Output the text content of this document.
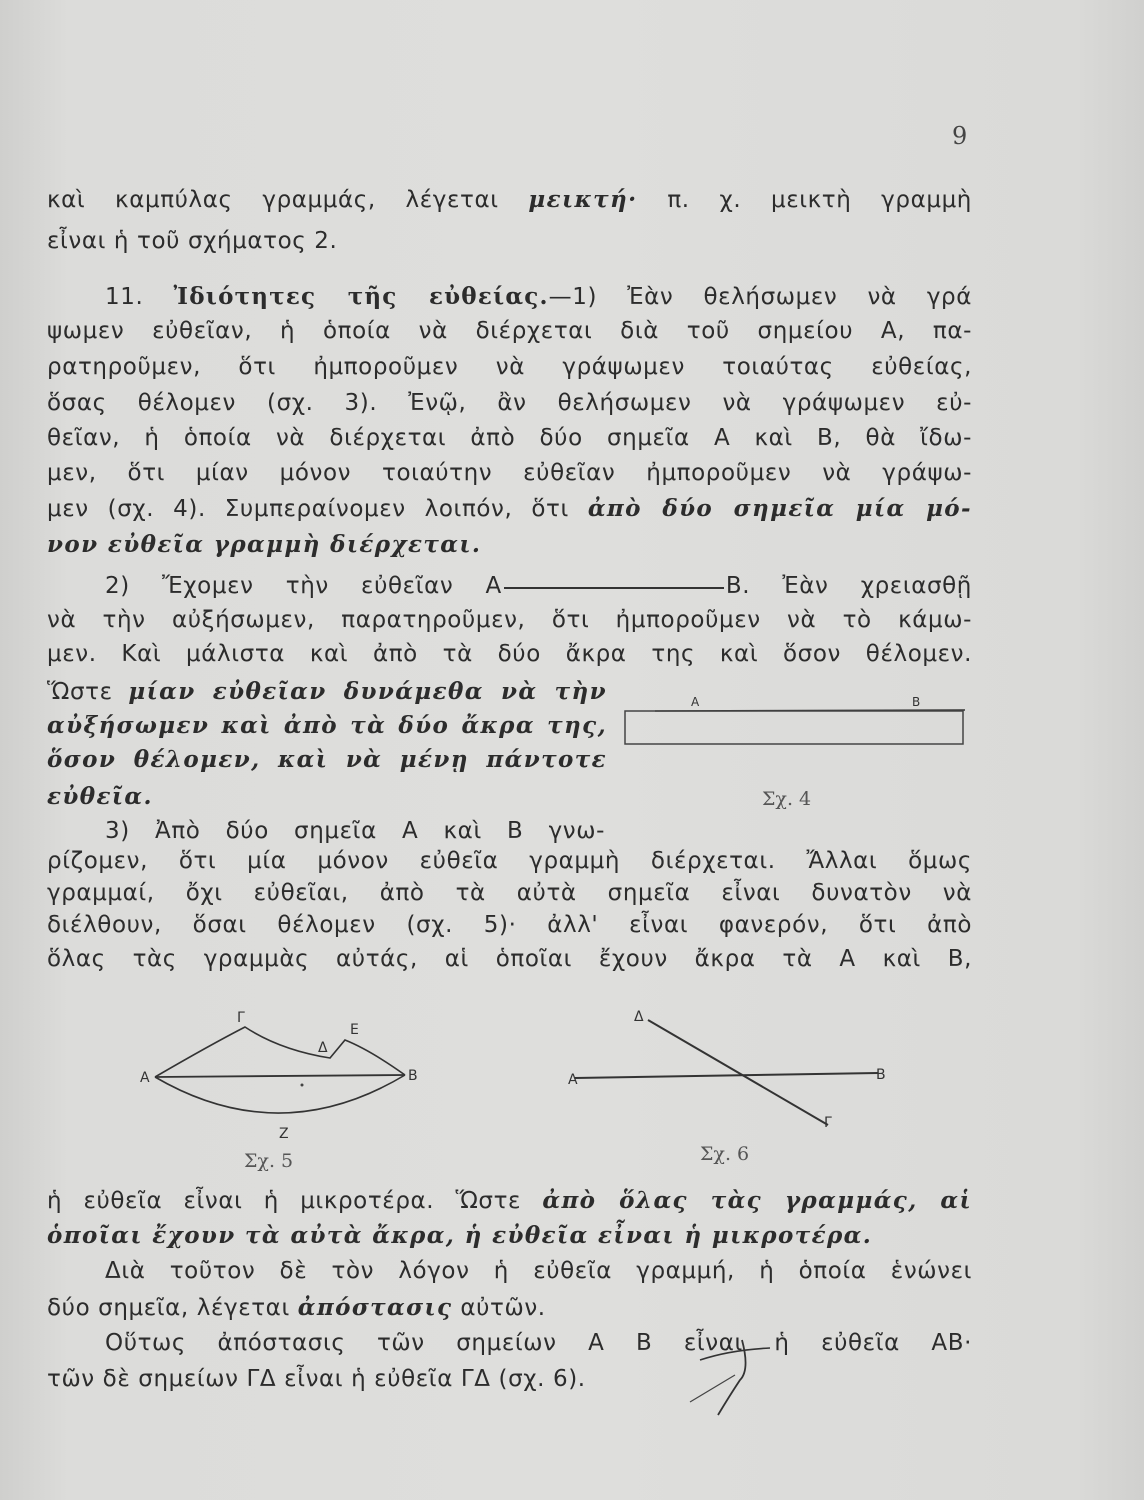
9
καὶ καμπύλας γραμμάς, λέγεται μεικτή· π. χ. μεικτὴ γραμμὴ
εἶναι ἡ τοῦ σχήματος 2.
11. Ἰδιότητες τῆς εὐθείας.—1) Ἐὰν θελήσωμεν νὰ γρά
ψωμεν εὐθεῖαν, ἡ ὁποία νὰ διέρχεται διὰ τοῦ σημείου Α, πα-
ρατηροῦμεν, ὅτι ἠμποροῦμεν νὰ γράψωμεν τοιαύτας εὐθείας,
ὅσας θέλομεν (σχ. 3). Ἐνῷ, ἂν θελήσωμεν νὰ γράψωμεν εὐ-
θεῖαν, ἡ ὁποία νὰ διέρχεται ἀπὸ δύο σημεῖα Α καὶ Β, θὰ ἴδω-
μεν, ὅτι μίαν μόνον τοιαύτην εὐθεῖαν ἠμποροῦμεν νὰ γράψω-
μεν (σχ. 4). Συμπεραίνομεν λοιπόν, ὅτι ἀπὸ δύο σημεῖα μία μό-
νον εὐθεῖα γραμμὴ διέρχεται.
2) Ἔχομεν τὴν εὐθεῖαν Α	Β. Ἐὰν χρειασθῇ
νὰ τὴν αὐξήσωμεν, παρατηροῦμεν, ὅτι ἠμποροῦμεν νὰ τὸ κάμω-
μεν. Καὶ μάλιστα καὶ ἀπὸ τὰ δύο ἄκρα της καὶ ὅσον θέλομεν.
Ὥστε μίαν εὐθεῖαν δυνάμεθα νὰ τὴν
αὐξήσωμεν καὶ ἀπὸ τὰ δύο ἄκρα της,
ὅσον θέλομεν, καὶ νὰ μένῃ πάντοτε
εὐθεῖα.
A	B
Σχ. 4
3) Ἀπὸ δύο σημεῖα Α καὶ Β γνω-
ρίζομεν, ὅτι μία μόνον εὐθεῖα γραμμὴ διέρχεται. Ἄλλαι ὅμως
γραμμαί, ὄχι εὐθεῖαι, ἀπὸ τὰ αὐτὰ σημεῖα εἶναι δυνατὸν νὰ
διέλθουν, ὅσαι θέλομεν (σχ. 5)· ἀλλ' εἶναι φανερόν, ὅτι ἀπὸ
ὅλας τὰς γραμμὰς αὐτάς, αἱ ὁποῖαι ἔχουν ἄκρα τὰ Α καὶ Β,
A	B
Γ
Δ
Ε
Z
Σχ. 5
Δ
A	B
Γ
Σχ. 6
ἡ εὐθεῖα εἶναι ἡ μικροτέρα. Ὥστε ἀπὸ ὅλας τὰς γραμμάς, αἱ
ὁποῖαι ἔχουν τὰ αὐτὰ ἄκρα, ἡ εὐθεῖα εἶναι ἡ μικροτέρα.
Διὰ τοῦτον δὲ τὸν λόγον ἡ εὐθεῖα γραμμή, ἡ ὁποία ἑνώνει
δύο σημεῖα, λέγεται ἀπόστασις αὐτῶν.
Οὕτως ἀπόστασις τῶν σημείων Α Β εἶναι ἡ εὐθεῖα ΑΒ·
τῶν δὲ σημείων ΓΔ εἶναι ἡ εὐθεῖα ΓΔ (σχ. 6).
